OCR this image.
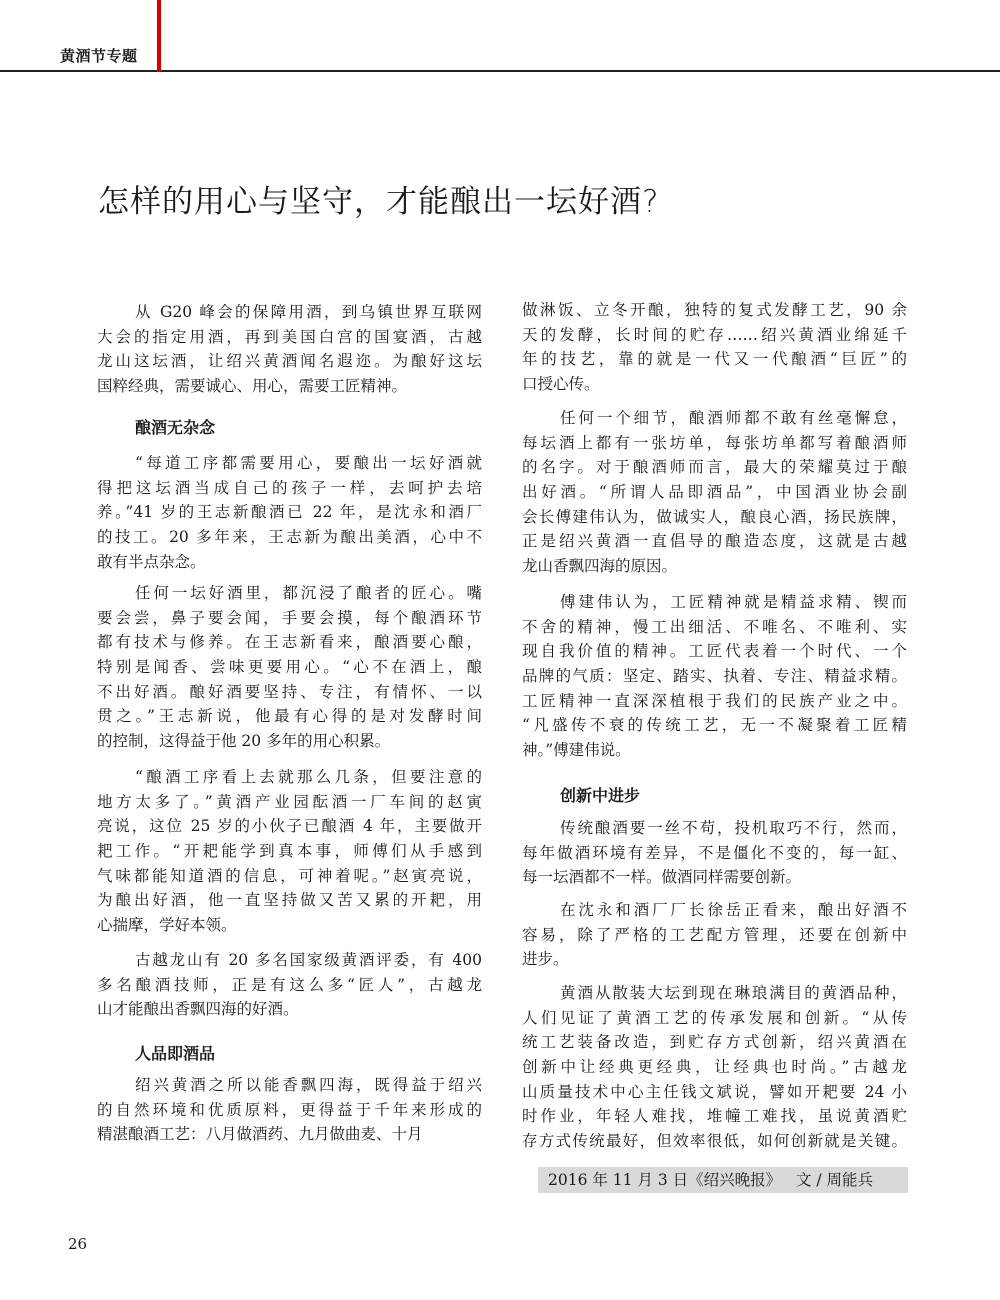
黄酒节专题
怎样的用心与坚守，才能酿出一坛好酒?
从 G20 峰会的保障用酒，到乌镇世界互联网
大会的指定用酒，再到美国白宫的国宴酒，古越
龙山这坛酒，让绍兴黄酒闻名遐迩。为酿好这坛
国粹经典，需要诚心、用心，需要工匠精神。
酿酒无杂念
“每道工序都需要用心，要酿出一坛好酒就
得把这坛酒当成自己的孩子一样，去呵护去培
养。”41 岁的王志新酿酒已 22 年，是沈永和酒厂
的技工。20 多年来，王志新为酿出美酒，心中不
敢有半点杂念。
任何一坛好酒里，都沉浸了酿者的匠心。嘴
要会尝，鼻子要会闻，手要会摸，每个酿酒环节
都有技术与修养。在王志新看来，酿酒要心酿，
特别是闻香、尝味更要用心。“心不在酒上，酿
不出好酒。酿好酒要坚持、专注，有情怀、一以
贯之。”王志新说，他最有心得的是对发酵时间
的控制，这得益于他 20 多年的用心积累。
“酿酒工序看上去就那么几条，但要注意的
地方太多了。”黄酒产业园酝酒一厂车间的赵寅
亮说，这位 25 岁的小伙子已酿酒 4 年，主要做开
耙工作。“开耙能学到真本事，师傅们从手感到
气味都能知道酒的信息，可神着呢。”赵寅亮说，
为酿出好酒，他一直坚持做又苦又累的开耙，用
心揣摩，学好本领。
古越龙山有 20 多名国家级黄酒评委，有 400
多名酿酒技师，正是有这么多“匠人”，古越龙
山才能酿出香飘四海的好酒。
人品即酒品
绍兴黄酒之所以能香飘四海，既得益于绍兴
的自然环境和优质原料，更得益于千年来形成的
精湛酿酒工艺：八月做酒药、九月做曲麦、十月
做淋饭、立冬开酿，独特的复式发酵工艺，90 余
天的发酵，长时间的贮存……绍兴黄酒业绵延千
年的技艺，靠的就是一代又一代酿酒“巨匠”的
口授心传。
任何一个细节，酿酒师都不敢有丝毫懈怠，
每坛酒上都有一张坊单，每张坊单都写着酿酒师
的名字。对于酿酒师而言，最大的荣耀莫过于酿
出好酒。“所谓人品即酒品”，中国酒业协会副
会长傅建伟认为，做诚实人，酿良心酒，扬民族牌，
正是绍兴黄酒一直倡导的酿造态度，这就是古越
龙山香飘四海的原因。
傅建伟认为，工匠精神就是精益求精、锲而
不舍的精神，慢工出细活、不唯名、不唯利、实
现自我价值的精神。工匠代表着一个时代、一个
品牌的气质：坚定、踏实、执着、专注、精益求精。
工匠精神一直深深植根于我们的民族产业之中。
“凡盛传不衰的传统工艺，无一不凝聚着工匠精
神。”傅建伟说。
创新中进步
传统酿酒要一丝不苟，投机取巧不行，然而，
每年做酒环境有差异，不是僵化不变的，每一缸、
每一坛酒都不一样。做酒同样需要创新。
在沈永和酒厂厂长徐岳正看来，酿出好酒不
容易，除了严格的工艺配方管理，还要在创新中
进步。
黄酒从散装大坛到现在琳琅满目的黄酒品种，
人们见证了黄酒工艺的传承发展和创新。“从传
统工艺装备改造，到贮存方式创新，绍兴黄酒在
创新中让经典更经典，让经典也时尚。”古越龙
山质量技术中心主任钱文斌说，譬如开耙要 24 小
时作业，年轻人难找，堆幢工难找，虽说黄酒贮
存方式传统最好，但效率很低，如何创新就是关键。
2016 年 11 月 3 日《绍兴晚报》   文 / 周能兵
26
